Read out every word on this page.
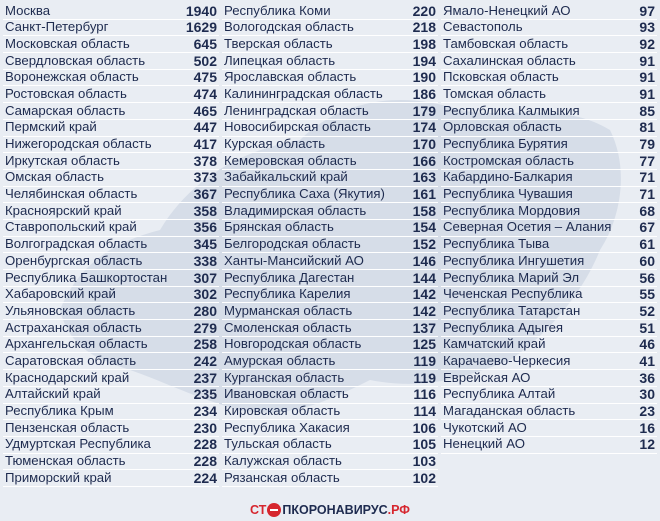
Москва	1940
Санкт-Петербург	1629
Московская область	645
Свердловская область	502
Воронежская область	475
Ростовская область	474
Самарская область	465
Пермский край	447
Нижегородская область	417
Иркутская область	378
Омская область	373
Челябинская область	367
Красноярский край	358
Ставропольский край	356
Волгоградская область	345
Оренбургская область	338
Республика Башкортостан 307
Хабаровский край	302
Ульяновская область	280
Астраханская область	279
Архангельская область	258
Саратовская область	242
Краснодарский край	237
Алтайский край	235
Республика Крым	234
Пензенская область	230
Удмуртская Республика	228
Тюменская область	228
Приморский край	224
Республика Коми	220
Вологодская область	218
Тверская область	198
Липецкая область	194
Ярославская область	190
Калининградская область 186
Ленинградская область	179
Новосибирская область	174
Курская область	170
Кемеровская область	166
Забайкальский край	163
Республика Саха (Якутия) 161
Владимирская область	158
Брянская область	154
Белгородская область	152
Ханты-Мансийский АО	146
Республика Дагестан	144
Республика Карелия	142
Мурманская область	142
Смоленская область	137
Новгородская область	125
Амурская область	119
Курганская область	119
Ивановская область	116
Кировская область	114
Республика Хакасия	106
Тульская область	105
Калужская область	103
Рязанская область	102
Ямало-Ненецкий АО	97
Севастополь	93
Тамбовская область	92
Сахалинская область	91
Псковская область	91
Томская область	91
Республика Калмыкия	85
Орловская область	81
Республика Бурятия	79
Костромская область	77
Кабардино-Балкария	71
Республика Чувашия	71
Республика Мордовия	68
Северная Осетия – Алания 67
Республика Тыва	61
Республика Ингушетия	60
Республика Марий Эл	56
Чеченская Республика	55
Республика Татарстан	52
Республика Адыгея	51
Камчатский край	46
Карачаево-Черкесия	41
Еврейская АО	36
Республика Алтай	30
Магаданская область	23
Чукотский АО	16
Ненецкий АО	12
СТ ПКОРОНАВИРУС .РФ
